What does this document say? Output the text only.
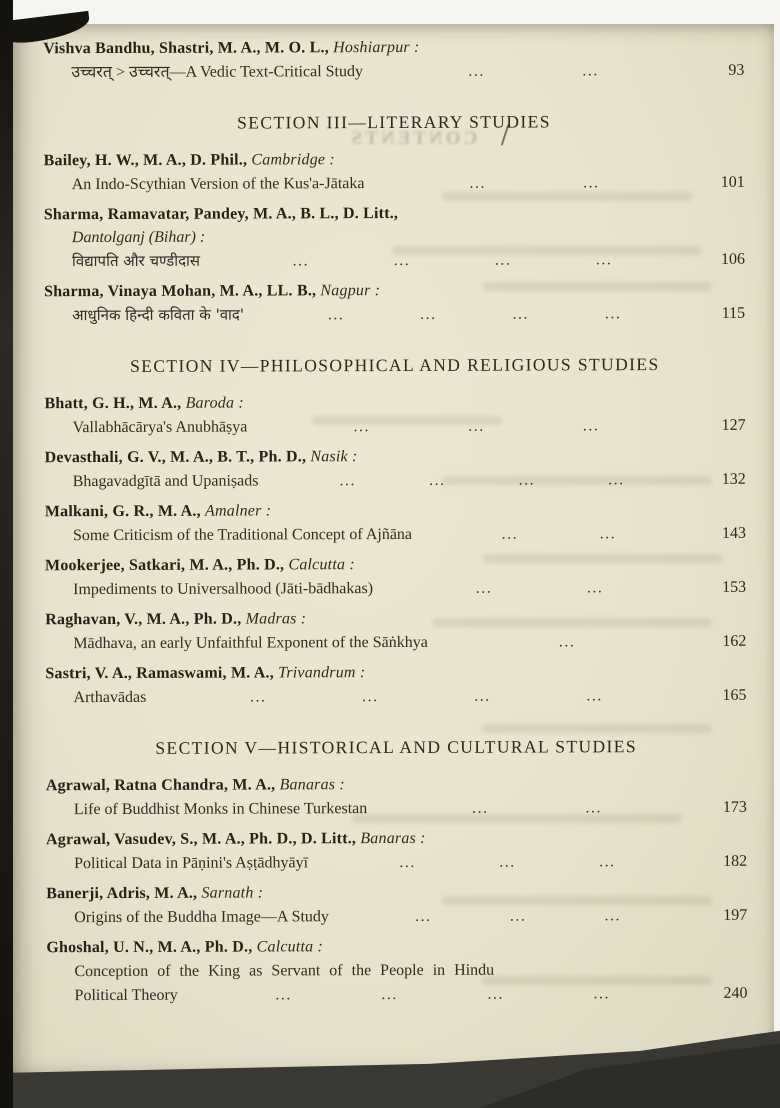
CONTENTS
Vishva Bandhu, Shastri, M. A., M. O. L., Hoshiarpur :
उच्चरत् > उच्चरत्—A Vedic Text-Critical Study	...	...	93
SECTION III—LITERARY STUDIES
Bailey, H. W., M. A., D. Phil., Cambridge :
An Indo-Scythian Version of the Kus'a-Jātaka	...	...	101
Sharma, Ramavatar, Pandey, M. A., B. L., D. Litt.,
Dantolganj (Bihar) :
विद्यापति और चण्डीदास	...	...	...	...	106
Sharma, Vinaya Mohan, M. A., LL. B., Nagpur :
आधुनिक हिन्दी कविता के 'वाद'	...	...	...	...	115
SECTION IV—PHILOSOPHICAL AND RELIGIOUS STUDIES
Bhatt, G. H., M. A., Baroda :
Vallabhācārya's Anubhāṣya	...	...	...	127
Devasthali, G. V., M. A., B. T., Ph. D., Nasik :
Bhagavadgītā and Upaniṣads	...	...	...	...	132
Malkani, G. R., M. A., Amalner :
Some Criticism of the Traditional Concept of Ajñāna	...	...	143
Mookerjee, Satkari, M. A., Ph. D., Calcutta :
Impediments to Universalhood (Jāti-bādhakas)	...	...	153
Raghavan, V., M. A., Ph. D., Madras :
Mādhava, an early Unfaithful Exponent of the Sāṅkhya	...	162
Sastri, V. A., Ramaswami, M. A., Trivandrum :
Arthavādas	...	...	...	...	165
SECTION V—HISTORICAL AND CULTURAL STUDIES
Agrawal, Ratna Chandra, M. A., Banaras :
Life of Buddhist Monks in Chinese Turkestan	...	...	173
Agrawal, Vasudev, S., M. A., Ph. D., D. Litt., Banaras :
Political Data in Pāṇini's Aṣṭādhyāyī	...	...	...	182
Banerji, Adris, M. A., Sarnath :
Origins of the Buddha Image—A Study	...	...	...	197
Ghoshal, U. N., M. A., Ph. D., Calcutta :
Conception of the King as Servant of the People in Hindu
Political Theory	...	...	...	...	240
